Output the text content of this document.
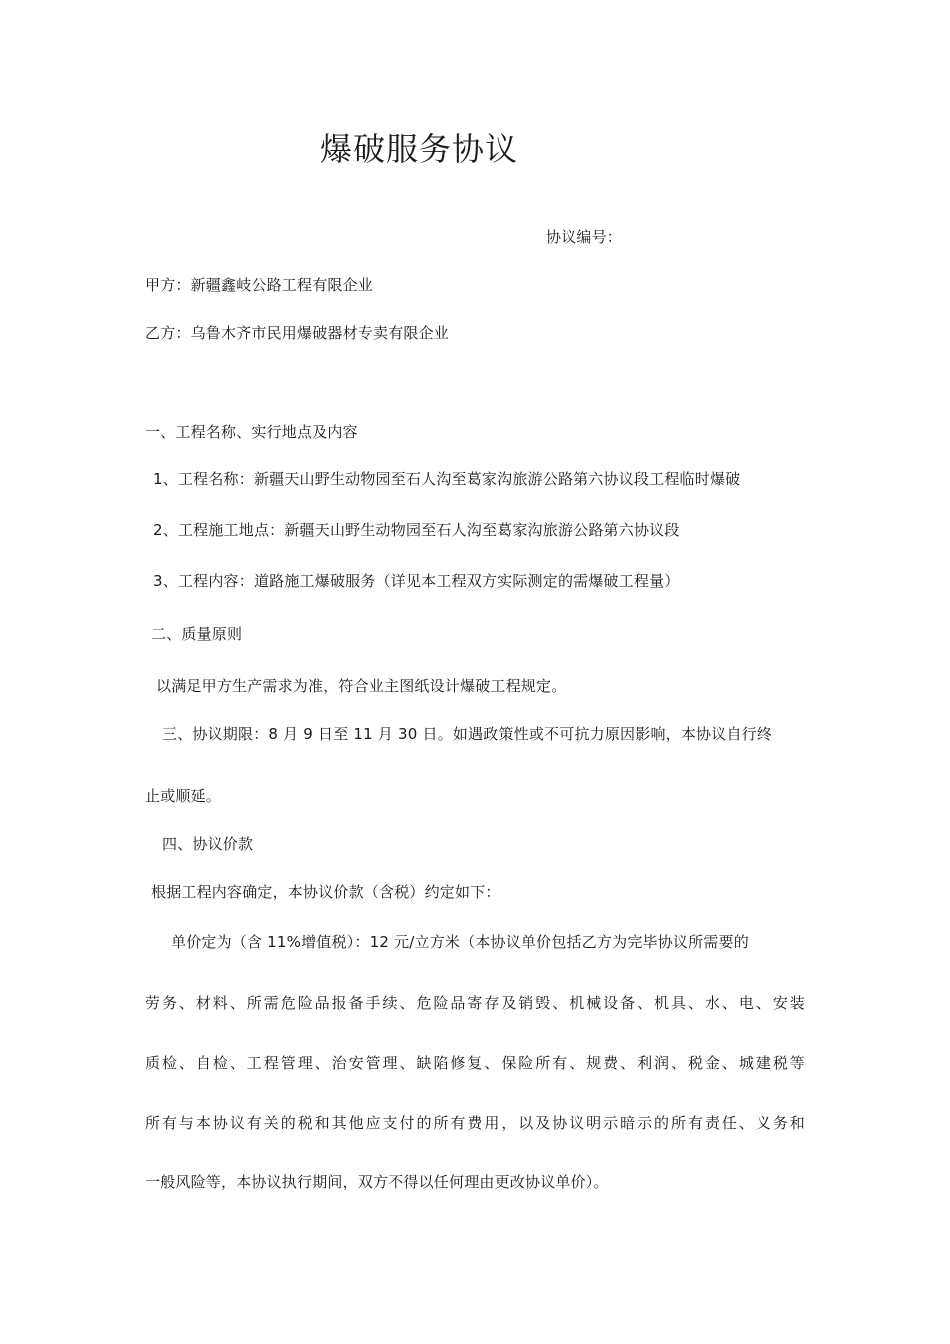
爆破服务协议
协议编号：
甲方：新疆鑫岐公路工程有限企业
乙方：乌鲁木齐市民用爆破器材专卖有限企业
一、工程名称、实行地点及内容
1、工程名称：新疆天山野生动物园至石人沟至葛家沟旅游公路第六协议段工程临时爆破
2、工程施工地点：新疆天山野生动物园至石人沟至葛家沟旅游公路第六协议段
3、工程内容：道路施工爆破服务（详见本工程双方实际测定的需爆破工程量）
二、质量原则
以满足甲方生产需求为准，符合业主图纸设计爆破工程规定。
三、协议期限：8 月 9 日至 11 月 30 日。如遇政策性或不可抗力原因影响，本协议自行终
止或顺延。
四、协议价款
根据工程内容确定，本协议价款（含税）约定如下：
单价定为（含 11%增值税）：12 元/立方米（本协议单价包括乙方为完毕协议所需要的
劳务、材料、所需危险品报备手续、危险品寄存及销毁、机械设备、机具、水、电、安装
质检、自检、工程管理、治安管理、缺陷修复、保险所有、规费、利润、税金、城建税等
所有与本协议有关的税和其他应支付的所有费用，以及协议明示暗示的所有责任、义务和
一般风险等，本协议执行期间，双方不得以任何理由更改协议单价）。
